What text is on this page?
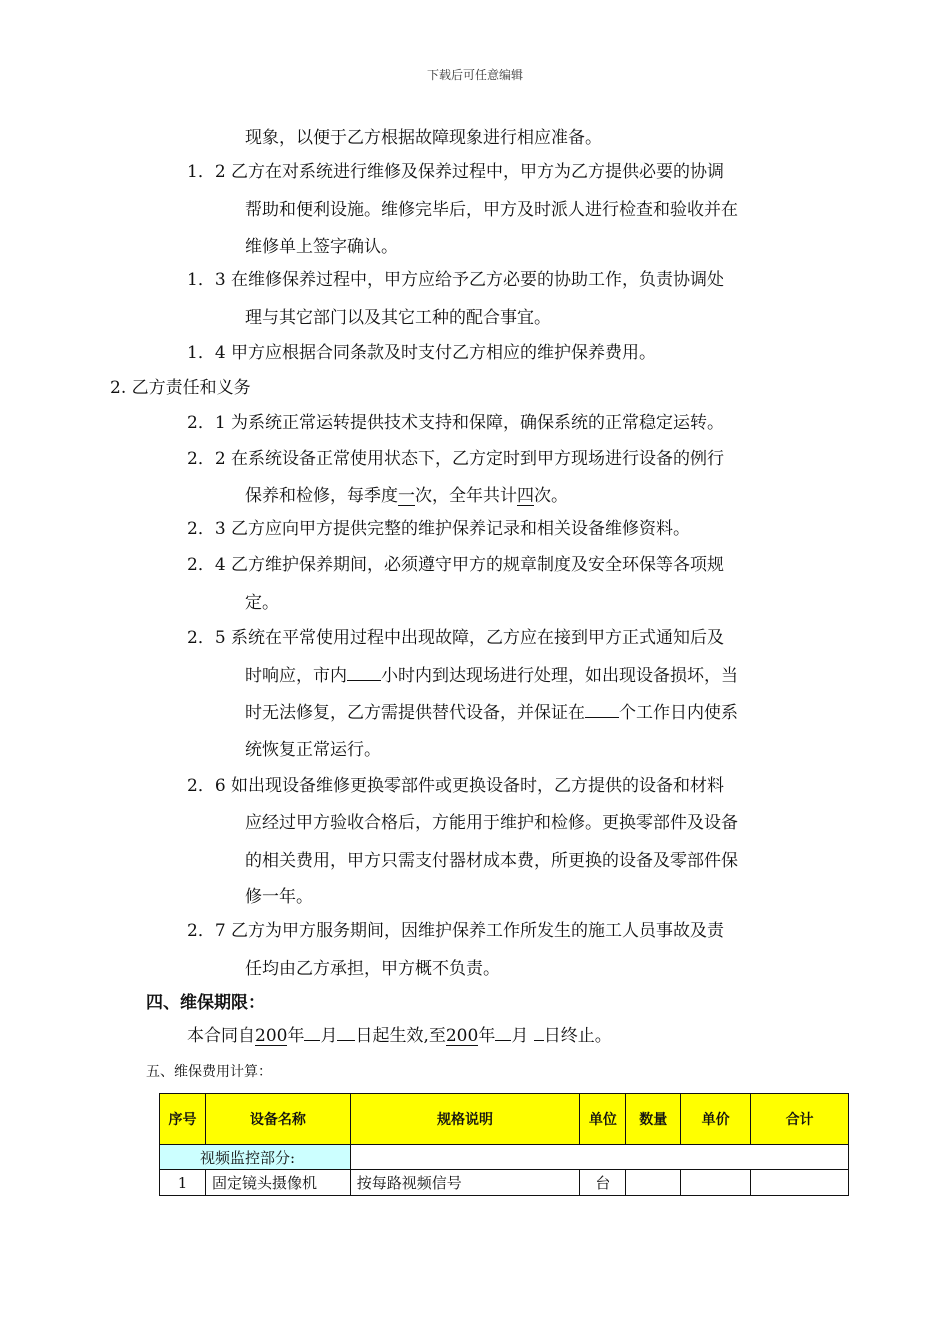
下载后可任意编辑
现象，以便于乙方根据故障现象进行相应准备。
1．2 乙方在对系统进行维修及保养过程中，甲方为乙方提供必要的协调
帮助和便利设施。维修完毕后，甲方及时派人进行检查和验收并在
维修单上签字确认。
1．3 在维修保养过程中，甲方应给予乙方必要的协助工作，负责协调处
理与其它部门以及其它工种的配合事宜。
1．4 甲方应根据合同条款及时支付乙方相应的维护保养费用。
2. 乙方责任和义务
2．1 为系统正常运转提供技术支持和保障，确保系统的正常稳定运转。
2．2 在系统设备正常使用状态下，乙方定时到甲方现场进行设备的例行
保养和检修，每季度一次，全年共计四次。
2．3 乙方应向甲方提供完整的维护保养记录和相关设备维修资料。
2．4 乙方维护保养期间，必须遵守甲方的规章制度及安全环保等各项规
定。
2．5 系统在平常使用过程中出现故障，乙方应在接到甲方正式通知后及
时响应，市内 小时内到达现场进行处理，如出现设备损坏，当
时无法修复，乙方需提供替代设备，并保证在 个工作日内使系
统恢复正常运行。
2．6 如出现设备维修更换零部件或更换设备时，乙方提供的设备和材料
应经过甲方验收合格后，方能用于维护和检修。更换零部件及设备
的相关费用，甲方只需支付器材成本费，所更换的设备及零部件保
修一年。
2．7 乙方为甲方服务期间，因维护保养工作所发生的施工人员事故及责
任均由乙方承担，甲方概不负责。
四、维保期限：
本合同自200年 月 日起生效,至200年 月 日终止。
五、维保费用计算：
序号	设备名称	规格说明	单位	数量	单价	合计
视频监控部分:						
1	固定镜头摄像机	按每路视频信号	台			
